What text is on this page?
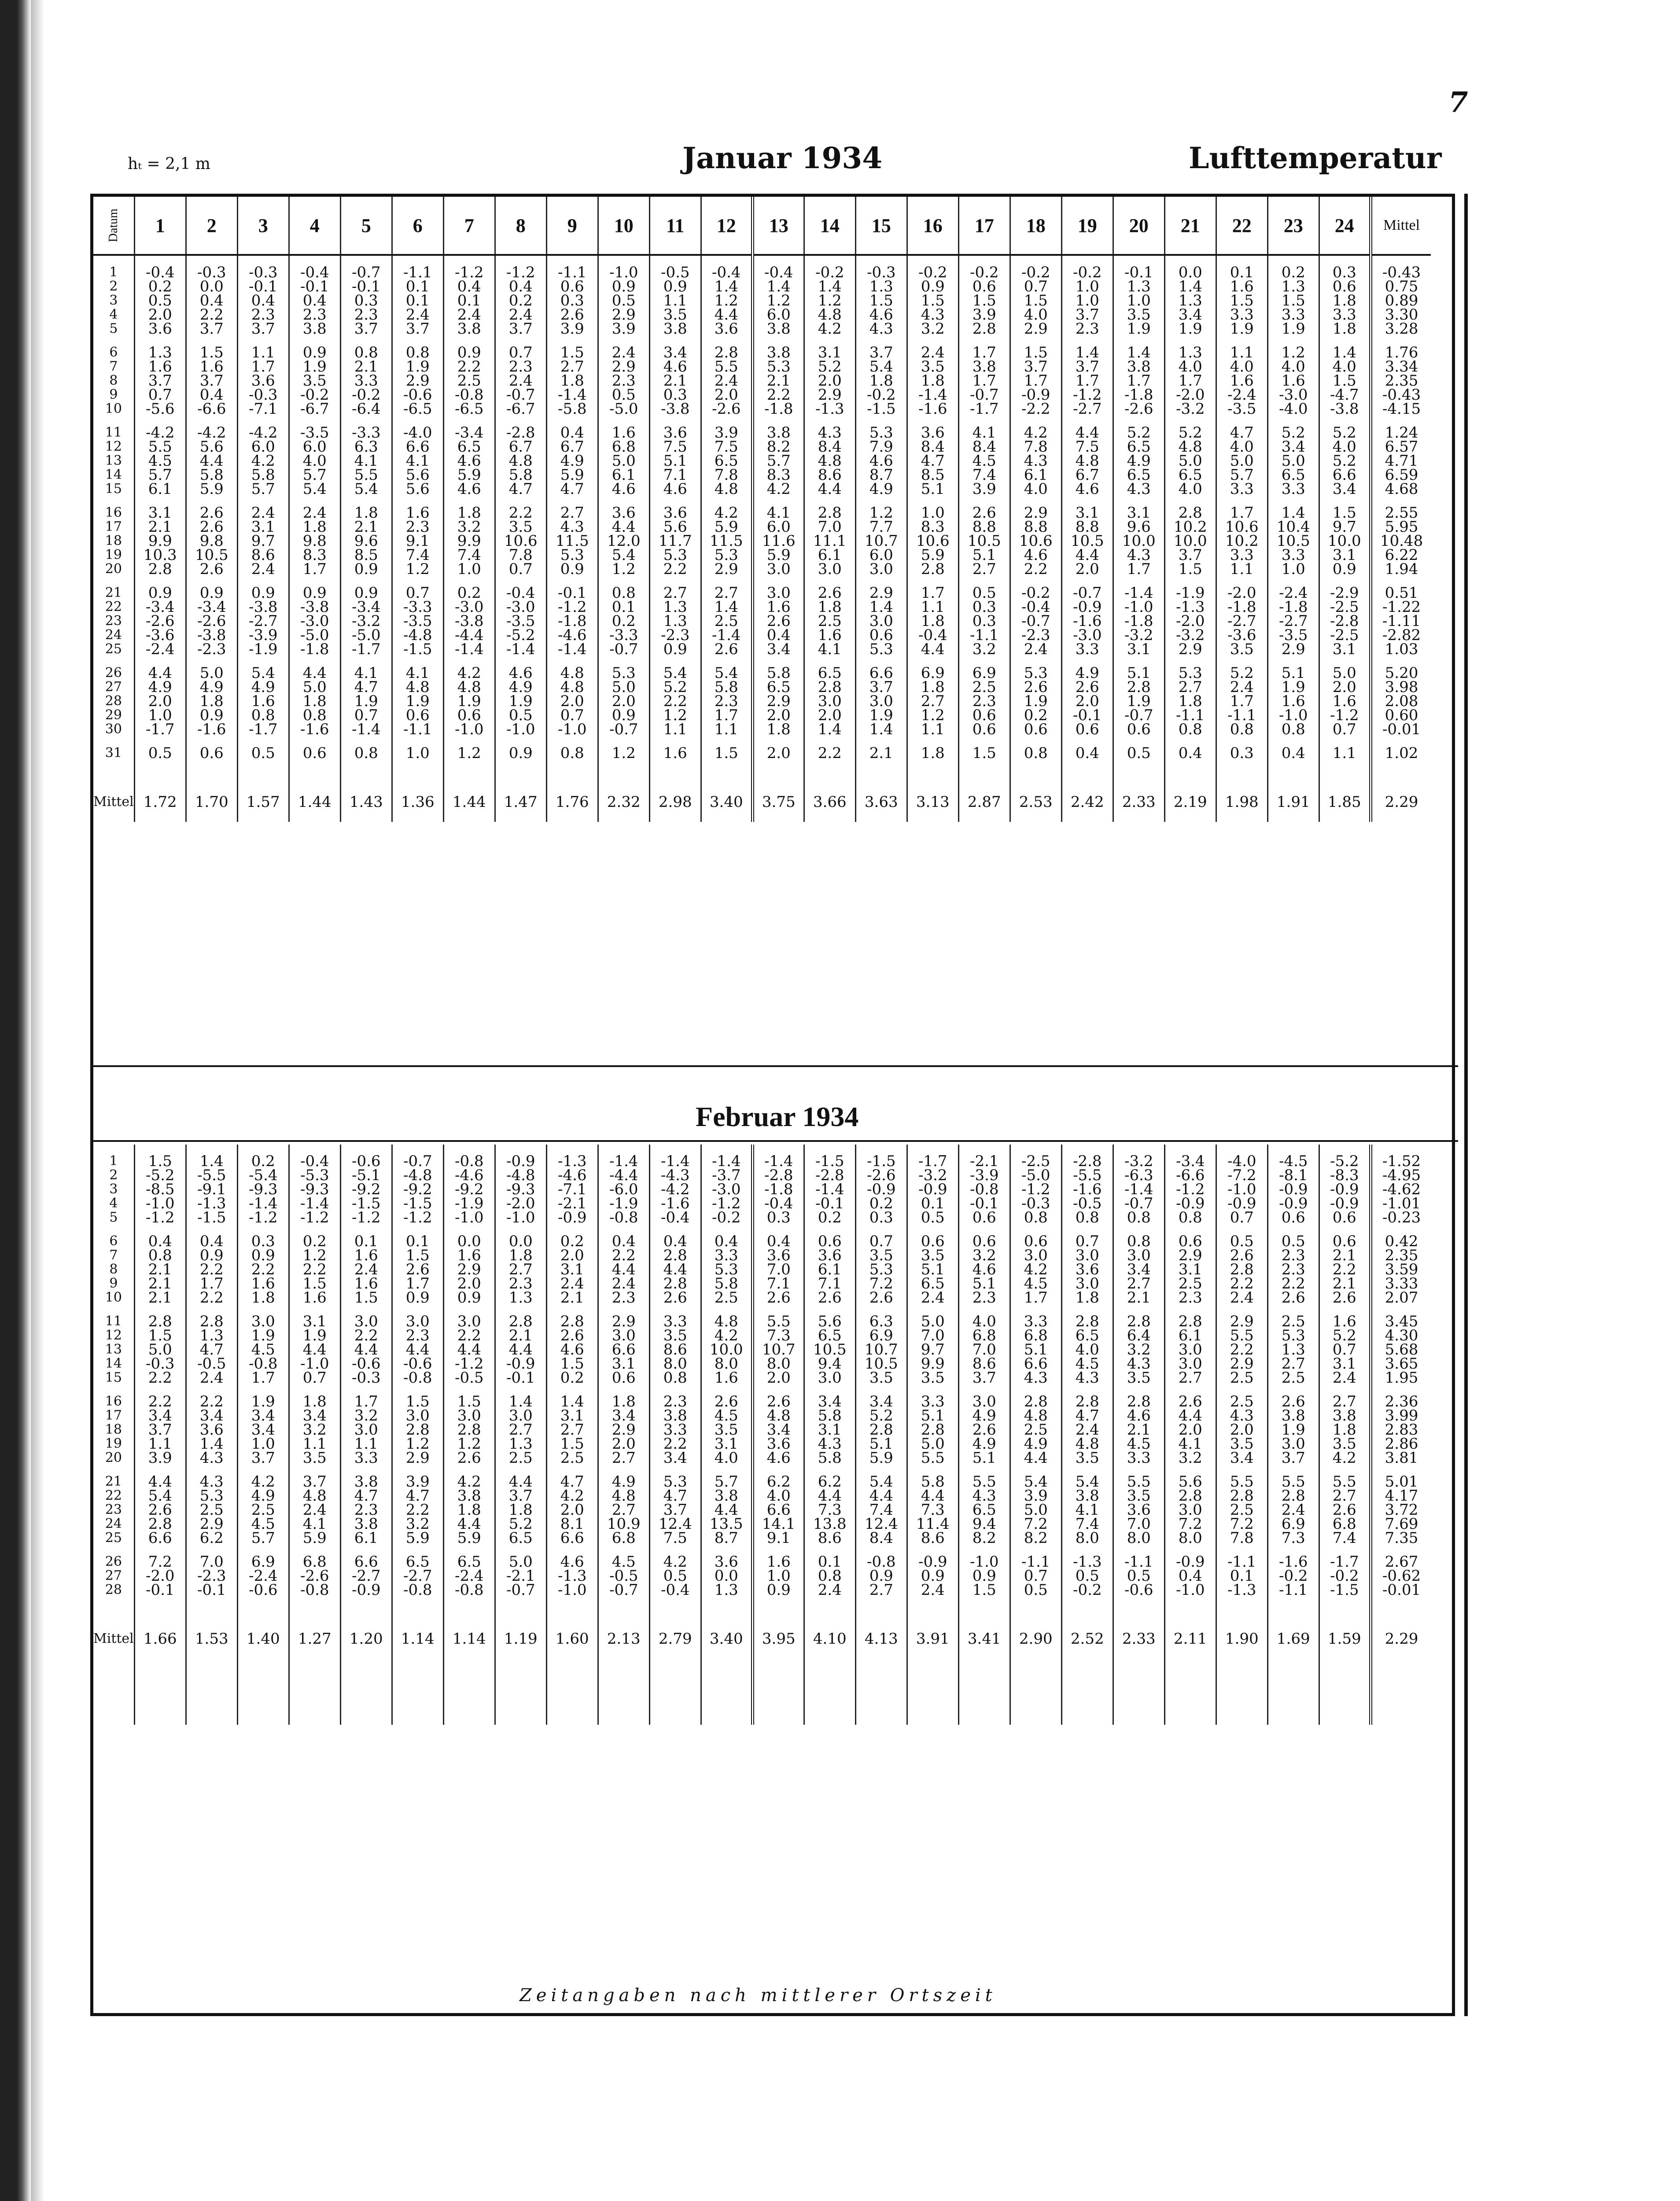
7
hₜ = 2,1 m	Januar 1934	Lufttemperatur
Datum	1	2	3	4	5	6	7	8	9	10	11	12	13	14	15	16	17	18	19	20	21	22	23	24	Mittel

1	-0.4	-0.3	-0.3	-0.4	-0.7	-1.1	-1.2	-1.2	-1.1	-1.0	-0.5	-0.4	-0.4	-0.2	-0.3	-0.2	-0.2	-0.2	-0.2	-0.1	0.0	0.1	0.2	0.3	-0.43
2	0.2	0.0	-0.1	-0.1	-0.1	0.1	0.4	0.4	0.6	0.9	0.9	1.4	1.4	1.4	1.3	0.9	0.6	0.7	1.0	1.3	1.4	1.6	1.3	0.6	0.75
3	0.5	0.4	0.4	0.4	0.3	0.1	0.1	0.2	0.3	0.5	1.1	1.2	1.2	1.2	1.5	1.5	1.5	1.5	1.0	1.0	1.3	1.5	1.5	1.8	0.89
4	2.0	2.2	2.3	2.3	2.3	2.4	2.4	2.4	2.6	2.9	3.5	4.4	6.0	4.8	4.6	4.3	3.9	4.0	3.7	3.5	3.4	3.3	3.3	3.3	3.30
5	3.6	3.7	3.7	3.8	3.7	3.7	3.8	3.7	3.9	3.9	3.8	3.6	3.8	4.2	4.3	3.2	2.8	2.9	2.3	1.9	1.9	1.9	1.9	1.8	3.28

6	1.3	1.5	1.1	0.9	0.8	0.8	0.9	0.7	1.5	2.4	3.4	2.8	3.8	3.1	3.7	2.4	1.7	1.5	1.4	1.4	1.3	1.1	1.2	1.4	1.76
7	1.6	1.6	1.7	1.9	2.1	1.9	2.2	2.3	2.7	2.9	4.6	5.5	5.3	5.2	5.4	3.5	3.8	3.7	3.7	3.8	4.0	4.0	4.0	4.0	3.34
8	3.7	3.7	3.6	3.5	3.3	2.9	2.5	2.4	1.8	2.3	2.1	2.4	2.1	2.0	1.8	1.8	1.7	1.7	1.7	1.7	1.7	1.6	1.6	1.5	2.35
9	0.7	0.4	-0.3	-0.2	-0.2	-0.6	-0.8	-0.7	-1.4	0.5	0.3	2.0	2.2	2.9	-0.2	-1.4	-0.7	-0.9	-1.2	-1.8	-2.0	-2.4	-3.0	-4.7	-0.43
10	-5.6	-6.6	-7.1	-6.7	-6.4	-6.5	-6.5	-6.7	-5.8	-5.0	-3.8	-2.6	-1.8	-1.3	-1.5	-1.6	-1.7	-2.2	-2.7	-2.6	-3.2	-3.5	-4.0	-3.8	-4.15

11	-4.2	-4.2	-4.2	-3.5	-3.3	-4.0	-3.4	-2.8	0.4	1.6	3.6	3.9	3.8	4.3	5.3	3.6	4.1	4.2	4.4	5.2	5.2	4.7	5.2	5.2	1.24
12	5.5	5.6	6.0	6.0	6.3	6.6	6.5	6.7	6.7	6.8	7.5	7.5	8.2	8.4	7.9	8.4	8.4	7.8	7.5	6.5	4.8	4.0	3.4	4.0	6.57
13	4.5	4.4	4.2	4.0	4.1	4.1	4.6	4.8	4.9	5.0	5.1	6.5	5.7	4.8	4.6	4.7	4.5	4.3	4.8	4.9	5.0	5.0	5.0	5.2	4.71
14	5.7	5.8	5.8	5.7	5.5	5.6	5.9	5.8	5.9	6.1	7.1	7.8	8.3	8.6	8.7	8.5	7.4	6.1	6.7	6.5	6.5	5.7	6.5	6.6	6.59
15	6.1	5.9	5.7	5.4	5.4	5.6	4.6	4.7	4.7	4.6	4.6	4.8	4.2	4.4	4.9	5.1	3.9	4.0	4.6	4.3	4.0	3.3	3.3	3.4	4.68

16	3.1	2.6	2.4	2.4	1.8	1.6	1.8	2.2	2.7	3.6	3.6	4.2	4.1	2.8	1.2	1.0	2.6	2.9	3.1	3.1	2.8	1.7	1.4	1.5	2.55
17	2.1	2.6	3.1	1.8	2.1	2.3	3.2	3.5	4.3	4.4	5.6	5.9	6.0	7.0	7.7	8.3	8.8	8.8	8.8	9.6	10.2	10.6	10.4	9.7	5.95
18	9.9	9.8	9.7	9.8	9.6	9.1	9.9	10.6	11.5	12.0	11.7	11.5	11.6	11.1	10.7	10.6	10.5	10.6	10.5	10.0	10.0	10.2	10.5	10.0	10.48
19	10.3	10.5	8.6	8.3	8.5	7.4	7.4	7.8	5.3	5.4	5.3	5.3	5.9	6.1	6.0	5.9	5.1	4.6	4.4	4.3	3.7	3.3	3.3	3.1	6.22
20	2.8	2.6	2.4	1.7	0.9	1.2	1.0	0.7	0.9	1.2	2.2	2.9	3.0	3.0	3.0	2.8	2.7	2.2	2.0	1.7	1.5	1.1	1.0	0.9	1.94

21	0.9	0.9	0.9	0.9	0.9	0.7	0.2	-0.4	-0.1	0.8	2.7	2.7	3.0	2.6	2.9	1.7	0.5	-0.2	-0.7	-1.4	-1.9	-2.0	-2.4	-2.9	0.51
22	-3.4	-3.4	-3.8	-3.8	-3.4	-3.3	-3.0	-3.0	-1.2	0.1	1.3	1.4	1.6	1.8	1.4	1.1	0.3	-0.4	-0.9	-1.0	-1.3	-1.8	-1.8	-2.5	-1.22
23	-2.6	-2.6	-2.7	-3.0	-3.2	-3.5	-3.8	-3.5	-1.8	0.2	1.3	2.5	2.6	2.5	3.0	1.8	0.3	-0.7	-1.6	-1.8	-2.0	-2.7	-2.7	-2.8	-1.11
24	-3.6	-3.8	-3.9	-5.0	-5.0	-4.8	-4.4	-5.2	-4.6	-3.3	-2.3	-1.4	0.4	1.6	0.6	-0.4	-1.1	-2.3	-3.0	-3.2	-3.2	-3.6	-3.5	-2.5	-2.82
25	-2.4	-2.3	-1.9	-1.8	-1.7	-1.5	-1.4	-1.4	-1.4	-0.7	0.9	2.6	3.4	4.1	5.3	4.4	3.2	2.4	3.3	3.1	2.9	3.5	2.9	3.1	1.03

26	4.4	5.0	5.4	4.4	4.1	4.1	4.2	4.6	4.8	5.3	5.4	5.4	5.8	6.5	6.6	6.9	6.9	5.3	4.9	5.1	5.3	5.2	5.1	5.0	5.20
27	4.9	4.9	4.9	5.0	4.7	4.8	4.8	4.9	4.8	5.0	5.2	5.8	6.5	2.8	3.7	1.8	2.5	2.6	2.6	2.8	2.7	2.4	1.9	2.0	3.98
28	2.0	1.8	1.6	1.8	1.9	1.9	1.9	1.9	2.0	2.0	2.2	2.3	2.9	3.0	3.0	2.7	2.3	1.9	2.0	1.9	1.8	1.7	1.6	1.6	2.08
29	1.0	0.9	0.8	0.8	0.7	0.6	0.6	0.5	0.7	0.9	1.2	1.7	2.0	2.0	1.9	1.2	0.6	0.2	-0.1	-0.7	-1.1	-1.1	-1.0	-1.2	0.60
30	-1.7	-1.6	-1.7	-1.6	-1.4	-1.1	-1.0	-1.0	-1.0	-0.7	1.1	1.1	1.8	1.4	1.4	1.1	0.6	0.6	0.6	0.6	0.8	0.8	0.8	0.7	-0.01

31	0.5	0.6	0.5	0.6	0.8	1.0	1.2	0.9	0.8	1.2	1.6	1.5	2.0	2.2	2.1	1.8	1.5	0.8	0.4	0.5	0.4	0.3	0.4	1.1	1.02

Mittel	1.72	1.70	1.57	1.44	1.43	1.36	1.44	1.47	1.76	2.32	2.98	3.40	3.75	3.66	3.63	3.13	2.87	2.53	2.42	2.33	2.19	1.98	1.91	1.85	2.29
Februar 1934

1	1.5	1.4	0.2	-0.4	-0.6	-0.7	-0.8	-0.9	-1.3	-1.4	-1.4	-1.4	-1.4	-1.5	-1.5	-1.7	-2.1	-2.5	-2.8	-3.2	-3.4	-4.0	-4.5	-5.2	-1.52
2	-5.2	-5.5	-5.4	-5.3	-5.1	-4.8	-4.6	-4.8	-4.6	-4.4	-4.3	-3.7	-2.8	-2.8	-2.6	-3.2	-3.9	-5.0	-5.5	-6.3	-6.6	-7.2	-8.1	-8.3	-4.95
3	-8.5	-9.1	-9.3	-9.3	-9.2	-9.2	-9.2	-9.3	-7.1	-6.0	-4.2	-3.0	-1.8	-1.4	-0.9	-0.9	-0.8	-1.2	-1.6	-1.4	-1.2	-1.0	-0.9	-0.9	-4.62
4	-1.0	-1.3	-1.4	-1.4	-1.5	-1.5	-1.9	-2.0	-2.1	-1.9	-1.6	-1.2	-0.4	-0.1	0.2	0.1	-0.1	-0.3	-0.5	-0.7	-0.9	-0.9	-0.9	-0.9	-1.01
5	-1.2	-1.5	-1.2	-1.2	-1.2	-1.2	-1.0	-1.0	-0.9	-0.8	-0.4	-0.2	0.3	0.2	0.3	0.5	0.6	0.8	0.8	0.8	0.8	0.7	0.6	0.6	-0.23

6	0.4	0.4	0.3	0.2	0.1	0.1	0.0	0.0	0.2	0.4	0.4	0.4	0.4	0.6	0.7	0.6	0.6	0.6	0.7	0.8	0.6	0.5	0.5	0.6	0.42
7	0.8	0.9	0.9	1.2	1.6	1.5	1.6	1.8	2.0	2.2	2.8	3.3	3.6	3.6	3.5	3.5	3.2	3.0	3.0	3.0	2.9	2.6	2.3	2.1	2.35
8	2.1	2.2	2.2	2.2	2.4	2.6	2.9	2.7	3.1	4.4	4.4	5.3	7.0	6.1	5.3	5.1	4.6	4.2	3.6	3.4	3.1	2.8	2.3	2.2	3.59
9	2.1	1.7	1.6	1.5	1.6	1.7	2.0	2.3	2.4	2.4	2.8	5.8	7.1	7.1	7.2	6.5	5.1	4.5	3.0	2.7	2.5	2.2	2.2	2.1	3.33
10	2.1	2.2	1.8	1.6	1.5	0.9	0.9	1.3	2.1	2.3	2.6	2.5	2.6	2.6	2.6	2.4	2.3	1.7	1.8	2.1	2.3	2.4	2.6	2.6	2.07

11	2.8	2.8	3.0	3.1	3.0	3.0	3.0	2.8	2.8	2.9	3.3	4.8	5.5	5.6	6.3	5.0	4.0	3.3	2.8	2.8	2.8	2.9	2.5	1.6	3.45
12	1.5	1.3	1.9	1.9	2.2	2.3	2.2	2.1	2.6	3.0	3.5	4.2	7.3	6.5	6.9	7.0	6.8	6.8	6.5	6.4	6.1	5.5	5.3	5.2	4.30
13	5.0	4.7	4.5	4.4	4.4	4.4	4.4	4.4	4.6	6.6	8.6	10.0	10.7	10.5	10.7	9.7	7.0	5.1	4.0	3.2	3.0	2.2	1.3	0.7	5.68
14	-0.3	-0.5	-0.8	-1.0	-0.6	-0.6	-1.2	-0.9	1.5	3.1	8.0	8.0	8.0	9.4	10.5	9.9	8.6	6.6	4.5	4.3	3.0	2.9	2.7	3.1	3.65
15	2.2	2.4	1.7	0.7	-0.3	-0.8	-0.5	-0.1	0.2	0.6	0.8	1.6	2.0	3.0	3.5	3.5	3.7	4.3	4.3	3.5	2.7	2.5	2.5	2.4	1.95

16	2.2	2.2	1.9	1.8	1.7	1.5	1.5	1.4	1.4	1.8	2.3	2.6	2.6	3.4	3.4	3.3	3.0	2.8	2.8	2.8	2.6	2.5	2.6	2.7	2.36
17	3.4	3.4	3.4	3.4	3.2	3.0	3.0	3.0	3.1	3.4	3.8	4.5	4.8	5.8	5.2	5.1	4.9	4.8	4.7	4.6	4.4	4.3	3.8	3.8	3.99
18	3.7	3.6	3.4	3.2	3.0	2.8	2.8	2.7	2.7	2.9	3.3	3.5	3.4	3.1	2.8	2.8	2.6	2.5	2.4	2.1	2.0	2.0	1.9	1.8	2.83
19	1.1	1.4	1.0	1.1	1.1	1.2	1.2	1.3	1.5	2.0	2.2	3.1	3.6	4.3	5.1	5.0	4.9	4.9	4.8	4.5	4.1	3.5	3.0	3.5	2.86
20	3.9	4.3	3.7	3.5	3.3	2.9	2.6	2.5	2.5	2.7	3.4	4.0	4.6	5.8	5.9	5.5	5.1	4.4	3.5	3.3	3.2	3.4	3.7	4.2	3.81

21	4.4	4.3	4.2	3.7	3.8	3.9	4.2	4.4	4.7	4.9	5.3	5.7	6.2	6.2	5.4	5.8	5.5	5.4	5.4	5.5	5.6	5.5	5.5	5.5	5.01
22	5.4	5.3	4.9	4.8	4.7	4.7	3.8	3.7	4.2	4.8	4.7	3.8	4.0	4.4	4.4	4.4	4.3	3.9	3.8	3.5	2.8	2.8	2.8	2.7	4.17
23	2.6	2.5	2.5	2.4	2.3	2.2	1.8	1.8	2.0	2.7	3.7	4.4	6.6	7.3	7.4	7.3	6.5	5.0	4.1	3.6	3.0	2.5	2.4	2.6	3.72
24	2.8	2.9	4.5	4.1	3.8	3.2	4.4	5.2	8.1	10.9	12.4	13.5	14.1	13.8	12.4	11.4	9.4	7.2	7.4	7.0	7.2	7.2	6.9	6.8	7.69
25	6.6	6.2	5.7	5.9	6.1	5.9	5.9	6.5	6.6	6.8	7.5	8.7	9.1	8.6	8.4	8.6	8.2	8.2	8.0	8.0	8.0	7.8	7.3	7.4	7.35

26	7.2	7.0	6.9	6.8	6.6	6.5	6.5	5.0	4.6	4.5	4.2	3.6	1.6	0.1	-0.8	-0.9	-1.0	-1.1	-1.3	-1.1	-0.9	-1.1	-1.6	-1.7	2.67
27	-2.0	-2.3	-2.4	-2.6	-2.7	-2.7	-2.4	-2.1	-1.3	-0.5	0.5	0.0	1.0	0.8	0.9	0.9	0.9	0.7	0.5	0.5	0.4	0.1	-0.2	-0.2	-0.62
28	-0.1	-0.1	-0.6	-0.8	-0.9	-0.8	-0.8	-0.7	-1.0	-0.7	-0.4	1.3	0.9	2.4	2.7	2.4	1.5	0.5	-0.2	-0.6	-1.0	-1.3	-1.1	-1.5	-0.01

Mittel	1.66	1.53	1.40	1.27	1.20	1.14	1.14	1.19	1.60	2.13	2.79	3.40	3.95	4.10	4.13	3.91	3.41	2.90	2.52	2.33	2.11	1.90	1.69	1.59	2.29

Zeitangaben nach mittlerer Ortszeit
